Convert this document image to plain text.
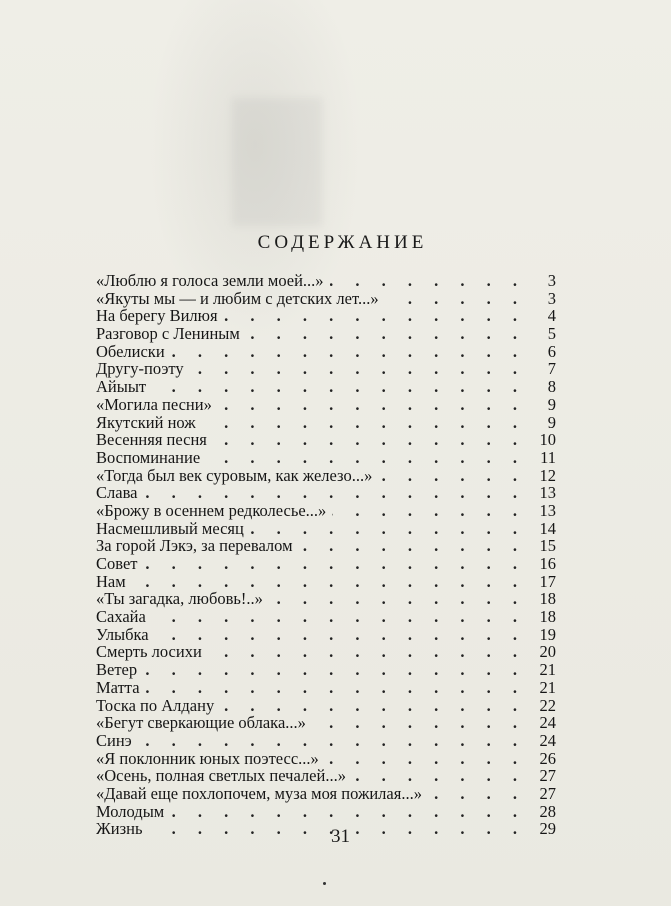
СОДЕРЖАНИЕ
«Люблю я голоса земли моей...» . . .	3
«Якуты мы — и любим с детских лет...» . . .	3
На берегу Вилюя . . .	4
Разговор с Лениным . . .	5
Обелиски . . .	6
Другу-поэту . . .	7
Айыыт . . .	8
«Могила песни» . . .	9
Якутский нож . . .	9
Весенняя песня . . .	10
Воспоминание . . .	11
«Тогда был век суровым, как железо...» . . .	12
Слава . . .	13
«Брожу в осеннем редколесье...» . . .	13
Насмешливый месяц . . .	14
За горой Лэкэ, за перевалом . . .	15
Совет . . .	16
Нам . . .	17
«Ты загадка, любовь!..» . . .	18
Сахайа . . .	18
Улыбка . . .	19
Смерть лосихи . . .	20
Ветер . . .	21
Матта . . .	21
Тоска по Алдану . . .	22
«Бегут сверкающие облака...» . . .	24
Синэ . . .	24
«Я поклонник юных поэтесс...» . . .	26
«Осень, полная светлых печалей...» . . .	27
«Давай еще похлопочем, муза моя пожилая...» . . .	27
Молодым . . .	28
Жизнь . . .	29
31
